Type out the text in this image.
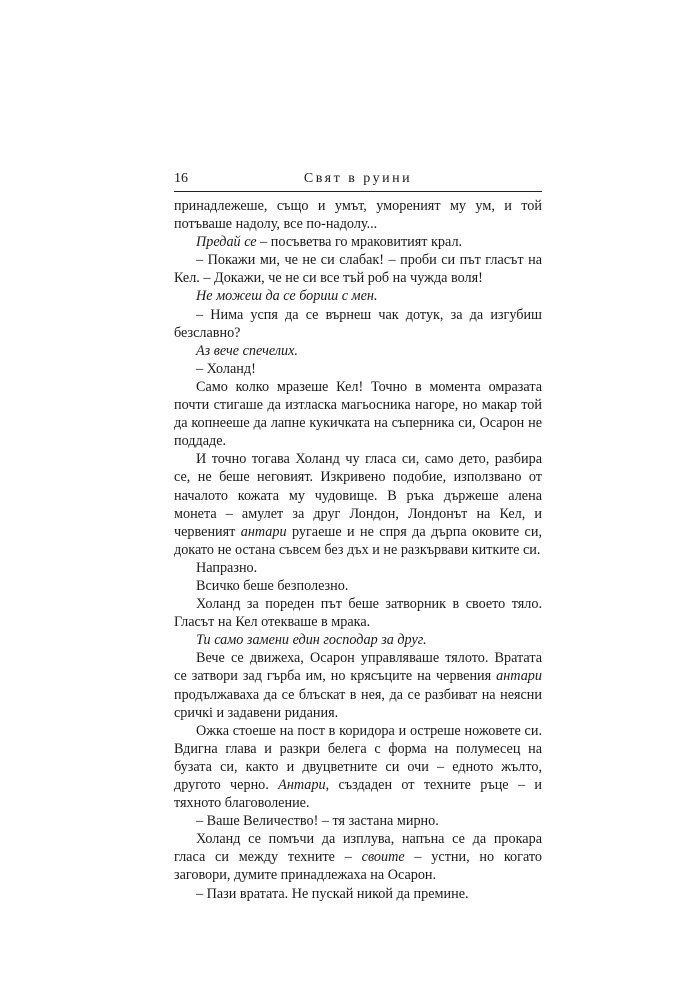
16	Свят в руини

принадлежеше, също и умът, умореният му ум, и той потъваше надолу, все по-надолу...

Предай се – посъветва го мраковитият крал.

– Покажи ми, че не си слабак! – проби си път гласът на Кел. – Докажи, че не си все тъй роб на чужда воля!

Не можеш да се бориш с мен.

– Нима успя да се върнеш чак дотук, за да изгубиш безславно?

Аз вече спечелих.

– Холанд!

Само колко мразеше Кел! Точно в момента омразата почти стигаше да изтласка магьосника нагоре, но макар той да копнееше да лапне кукичката на съперника си, Осарон не поддаде.

И точно тогава Холанд чу гласа си, само дето, разбира се, не беше неговият. Изкривено подобие, използвано от началото кожата му чудовище. В ръка държеше алена монета – амулет за друг Лондон, Лондонът на Кел, и червеният антари ругаеше и не спря да дърпа оковите си, докато не остана съвсем без дъх и не разкървави китките си.

Напразно.

Всичко беше безполезно.

Холанд за пореден път беше затворник в своето тяло. Гласът на Кел отекваше в мрака.

Ти само замени един господар за друг.

Вече се движеха, Осарон управляваше тялото. Вратата се затвори зад гърба им, но крясъците на червения антари продължаваха да се блъскат в нея, да се разбиват на неясни сричкi и задавени ридания.

Ожка стоеше на пост в коридора и остреше ножовете си. Вдигна глава и разкри белега с форма на полумесец на бузата си, както и двуцветните си очи – едното жълто, другото черно. Антари, създаден от техните ръце – и тяхното благоволение.

– Ваше Величество! – тя застана мирно.

Холанд се помъчи да изплува, напъна се да прокара гласа си между техните – своите – устни, но когато заговори, думите принадлежаха на Осарон.

– Пази вратата. Не пускай никой да премине.
